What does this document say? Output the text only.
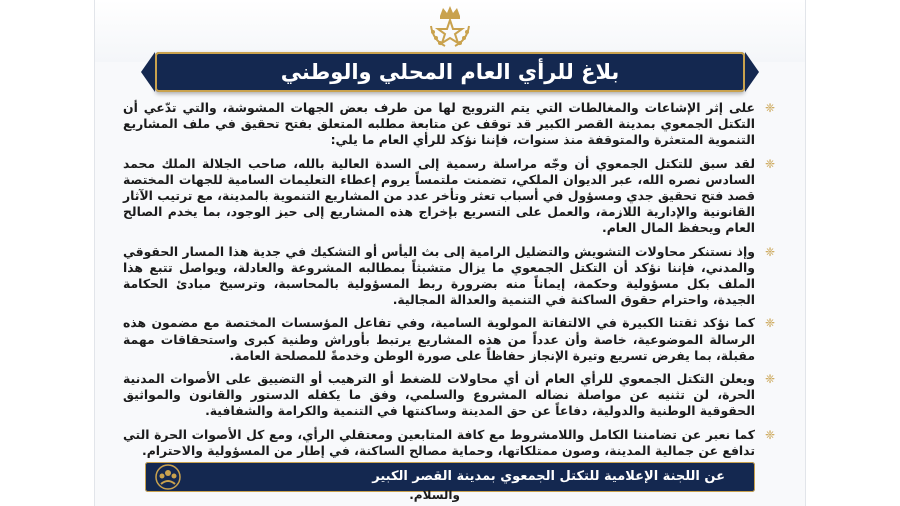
بلاغ للرأي العام المحلي والوطني

❈
على إثر الإشاعات والمغالطات التي يتم الترويج لها من طرف بعض الجهات المشوشة، والتي تدّعي أن التكتل الجمعوي بمدينة القصر الكبير قد توقف عن متابعة مطلبه المتعلق بفتح تحقيق في ملف المشاريع التنموية المتعثرة والمتوقفة منذ سنوات، فإننا نؤكد للرأي العام ما يلي:

❈
لقد سبق للتكتل الجمعوي أن وجّه مراسلة رسمية إلى السدة العالية بالله، صاحب الجلالة الملك محمد السادس نصره الله، عبر الديوان الملكي، تضمنت ملتمساً يروم إعطاء التعليمات السامية للجهات المختصة قصد فتح تحقيق جدي ومسؤول في أسباب تعثر وتأخر عدد من المشاريع التنموية بالمدينة، مع ترتيب الآثار القانونية والإدارية اللازمة، والعمل على التسريع بإخراج هذه المشاريع إلى حيز الوجود، بما يخدم الصالح العام ويحفظ المال العام.

❈
وإذ نستنكر محاولات التشويش والتضليل الرامية إلى بث اليأس أو التشكيك في جدية هذا المسار الحقوقي والمدني، فإننا نؤكد أن التكتل الجمعوي ما يزال متشبثاً بمطالبه المشروعة والعادلة، ويواصل تتبع هذا الملف بكل مسؤولية وحكمة، إيماناً منه بضرورة ربط المسؤولية بالمحاسبة، وترسيخ مبادئ الحكامة الجيدة، واحترام حقوق الساكنة في التنمية والعدالة المجالية.

❈
كما نؤكد ثقتنا الكبيرة في الالتفاتة المولوية السامية، وفي تفاعل المؤسسات المختصة مع مضمون هذه الرسالة الموضوعية، خاصة وأن عدداً من هذه المشاريع يرتبط بأوراش وطنية كبرى واستحقاقات مهمة مقبلة، بما يفرض تسريع وتيرة الإنجاز حفاظاً على صورة الوطن وخدمةً للمصلحة العامة.

❈
ويعلن التكتل الجمعوي للرأي العام أن أي محاولات للضغط أو الترهيب أو التضييق على الأصوات المدنية الحرة، لن تثنيه عن مواصلة نضاله المشروع والسلمي، وفق ما يكفله الدستور والقانون والمواثيق الحقوقية الوطنية والدولية، دفاعاً عن حق المدينة وساكنتها في التنمية والكرامة والشفافية.

❈
كما نعبر عن تضامننا الكامل واللامشروط مع كافة المتابعين ومعتقلي الرأي، ومع كل الأصوات الحرة التي تدافع عن جمالية المدينة، وصون ممتلكاتها، وحماية مصالح الساكنة، في إطار من المسؤولية والاحترام.

عن اللجنة الإعلامية للتكتل الجمعوي بمدينة القصر الكبير
والسلام.
